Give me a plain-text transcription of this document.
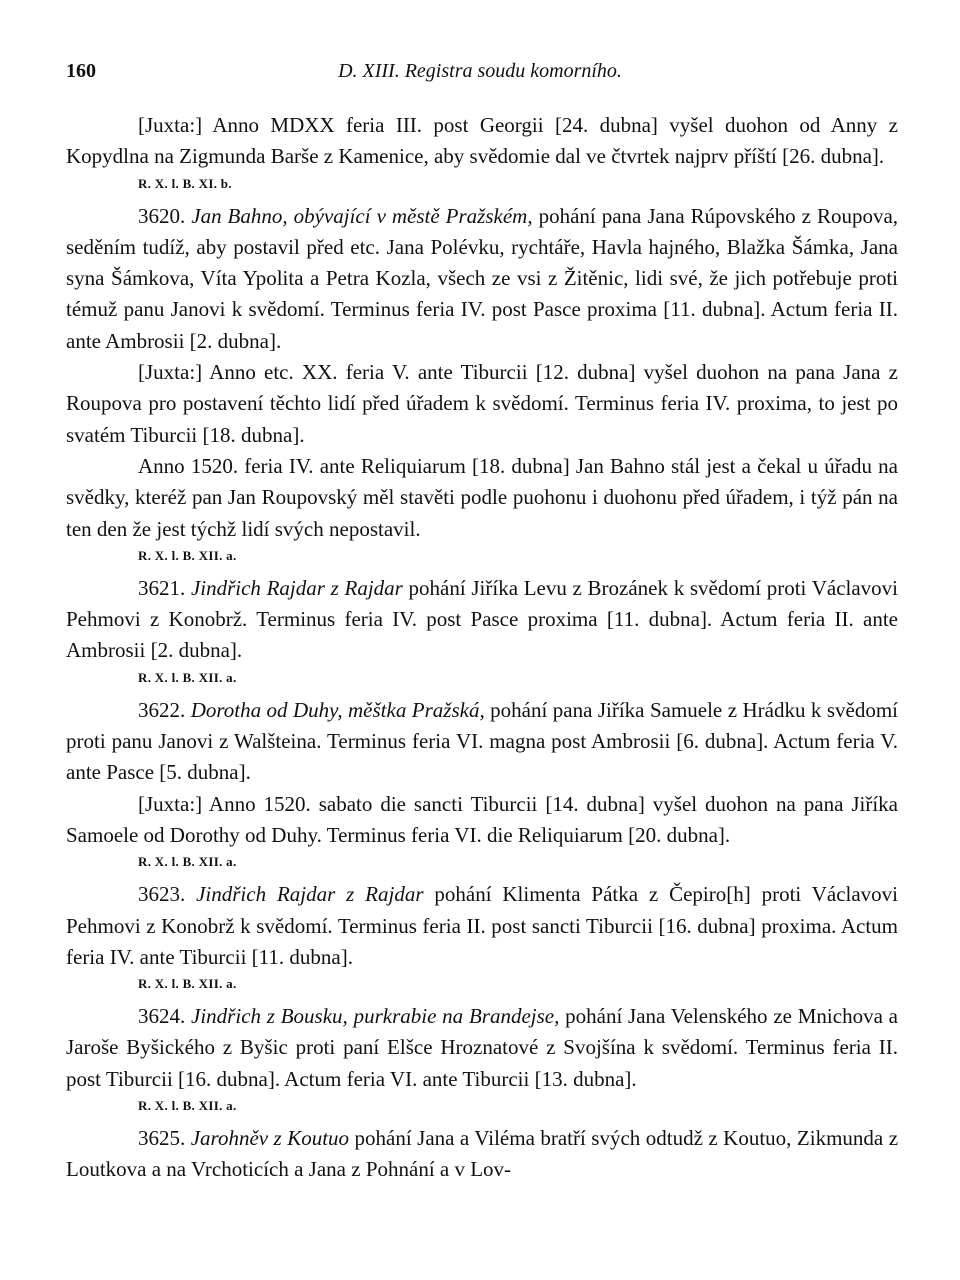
160	D. XIII. Registra soudu komorního.

[Juxta:] Anno MDXX feria III. post Georgii [24. dubna] vyšel duohon od Anny z Kopydlna na Zigmunda Barše z Kamenice, aby svědomie dal ve čtvrtek najprv příští [26. dubna].

R. X. l. B. XI. b.

3620. Jan Bahno, obývající v městě Pražském, pohání pana Jana Rúpovského z Roupova, seděním tudíž, aby postavil před etc. Jana Polévku, rychtáře, Havla hajného, Blažka Šámka, Jana syna Šámkova, Víta Ypolita a Petra Kozla, všech ze vsi z Žitěnic, lidi své, že jich potřebuje proti témuž panu Janovi k svědomí. Terminus feria IV. post Pasce proxima [11. dubna]. Actum feria II. ante Ambrosii [2. dubna].

[Juxta:] Anno etc. XX. feria V. ante Tiburcii [12. dubna] vyšel duohon na pana Jana z Roupova pro postavení těchto lidí před úřadem k svědomí. Terminus feria IV. proxima, to jest po svatém Tiburcii [18. dubna].

Anno 1520. feria IV. ante Reliquiarum [18. dubna] Jan Bahno stál jest a čekal u úřadu na svědky, kteréž pan Jan Roupovský měl stavěti podle puohonu i duohonu před úřadem, i týž pán na ten den že jest týchž lidí svých nepostavil.

R. X. l. B. XII. a.

3621. Jindřich Rajdar z Rajdar pohání Jiříka Levu z Brozánek k svědomí proti Václavovi Pehmovi z Konobrž. Terminus feria IV. post Pasce proxima [11. dubna]. Actum feria II. ante Ambrosii [2. dubna].

R. X. l. B. XII. a.

3622. Dorotha od Duhy, měštka Pražská, pohání pana Jiříka Samuele z Hrádku k svědomí proti panu Janovi z Walšteina. Terminus feria VI. magna post Ambrosii [6. dubna]. Actum feria V. ante Pasce [5. dubna].

[Juxta:] Anno 1520. sabato die sancti Tiburcii [14. dubna] vyšel duohon na pana Jiříka Samoele od Dorothy od Duhy. Terminus feria VI. die Reliquiarum [20. dubna].

R. X. l. B. XII. a.

3623. Jindřich Rajdar z Rajdar pohání Klimenta Pátka z Čepiro[h] proti Václavovi Pehmovi z Konobrž k svědomí. Terminus feria II. post sancti Tiburcii [16. dubna] proxima. Actum feria IV. ante Tiburcii [11. dubna].

R. X. l. B. XII. a.

3624. Jindřich z Bousku, purkrabie na Brandejse, pohání Jana Velenského ze Mnichova a Jaroše Byšického z Byšic proti paní Elšce Hroznatové z Svojšína k svědomí. Terminus feria II. post Tiburcii [16. dubna]. Actum feria VI. ante Tiburcii [13. dubna].

R. X. l. B. XII. a.

3625. Jarohněv z Koutuo pohání Jana a Viléma bratří svých odtudž z Koutuo, Zikmunda z Loutkova a na Vrchoticích a Jana z Pohnání a v Lov-
